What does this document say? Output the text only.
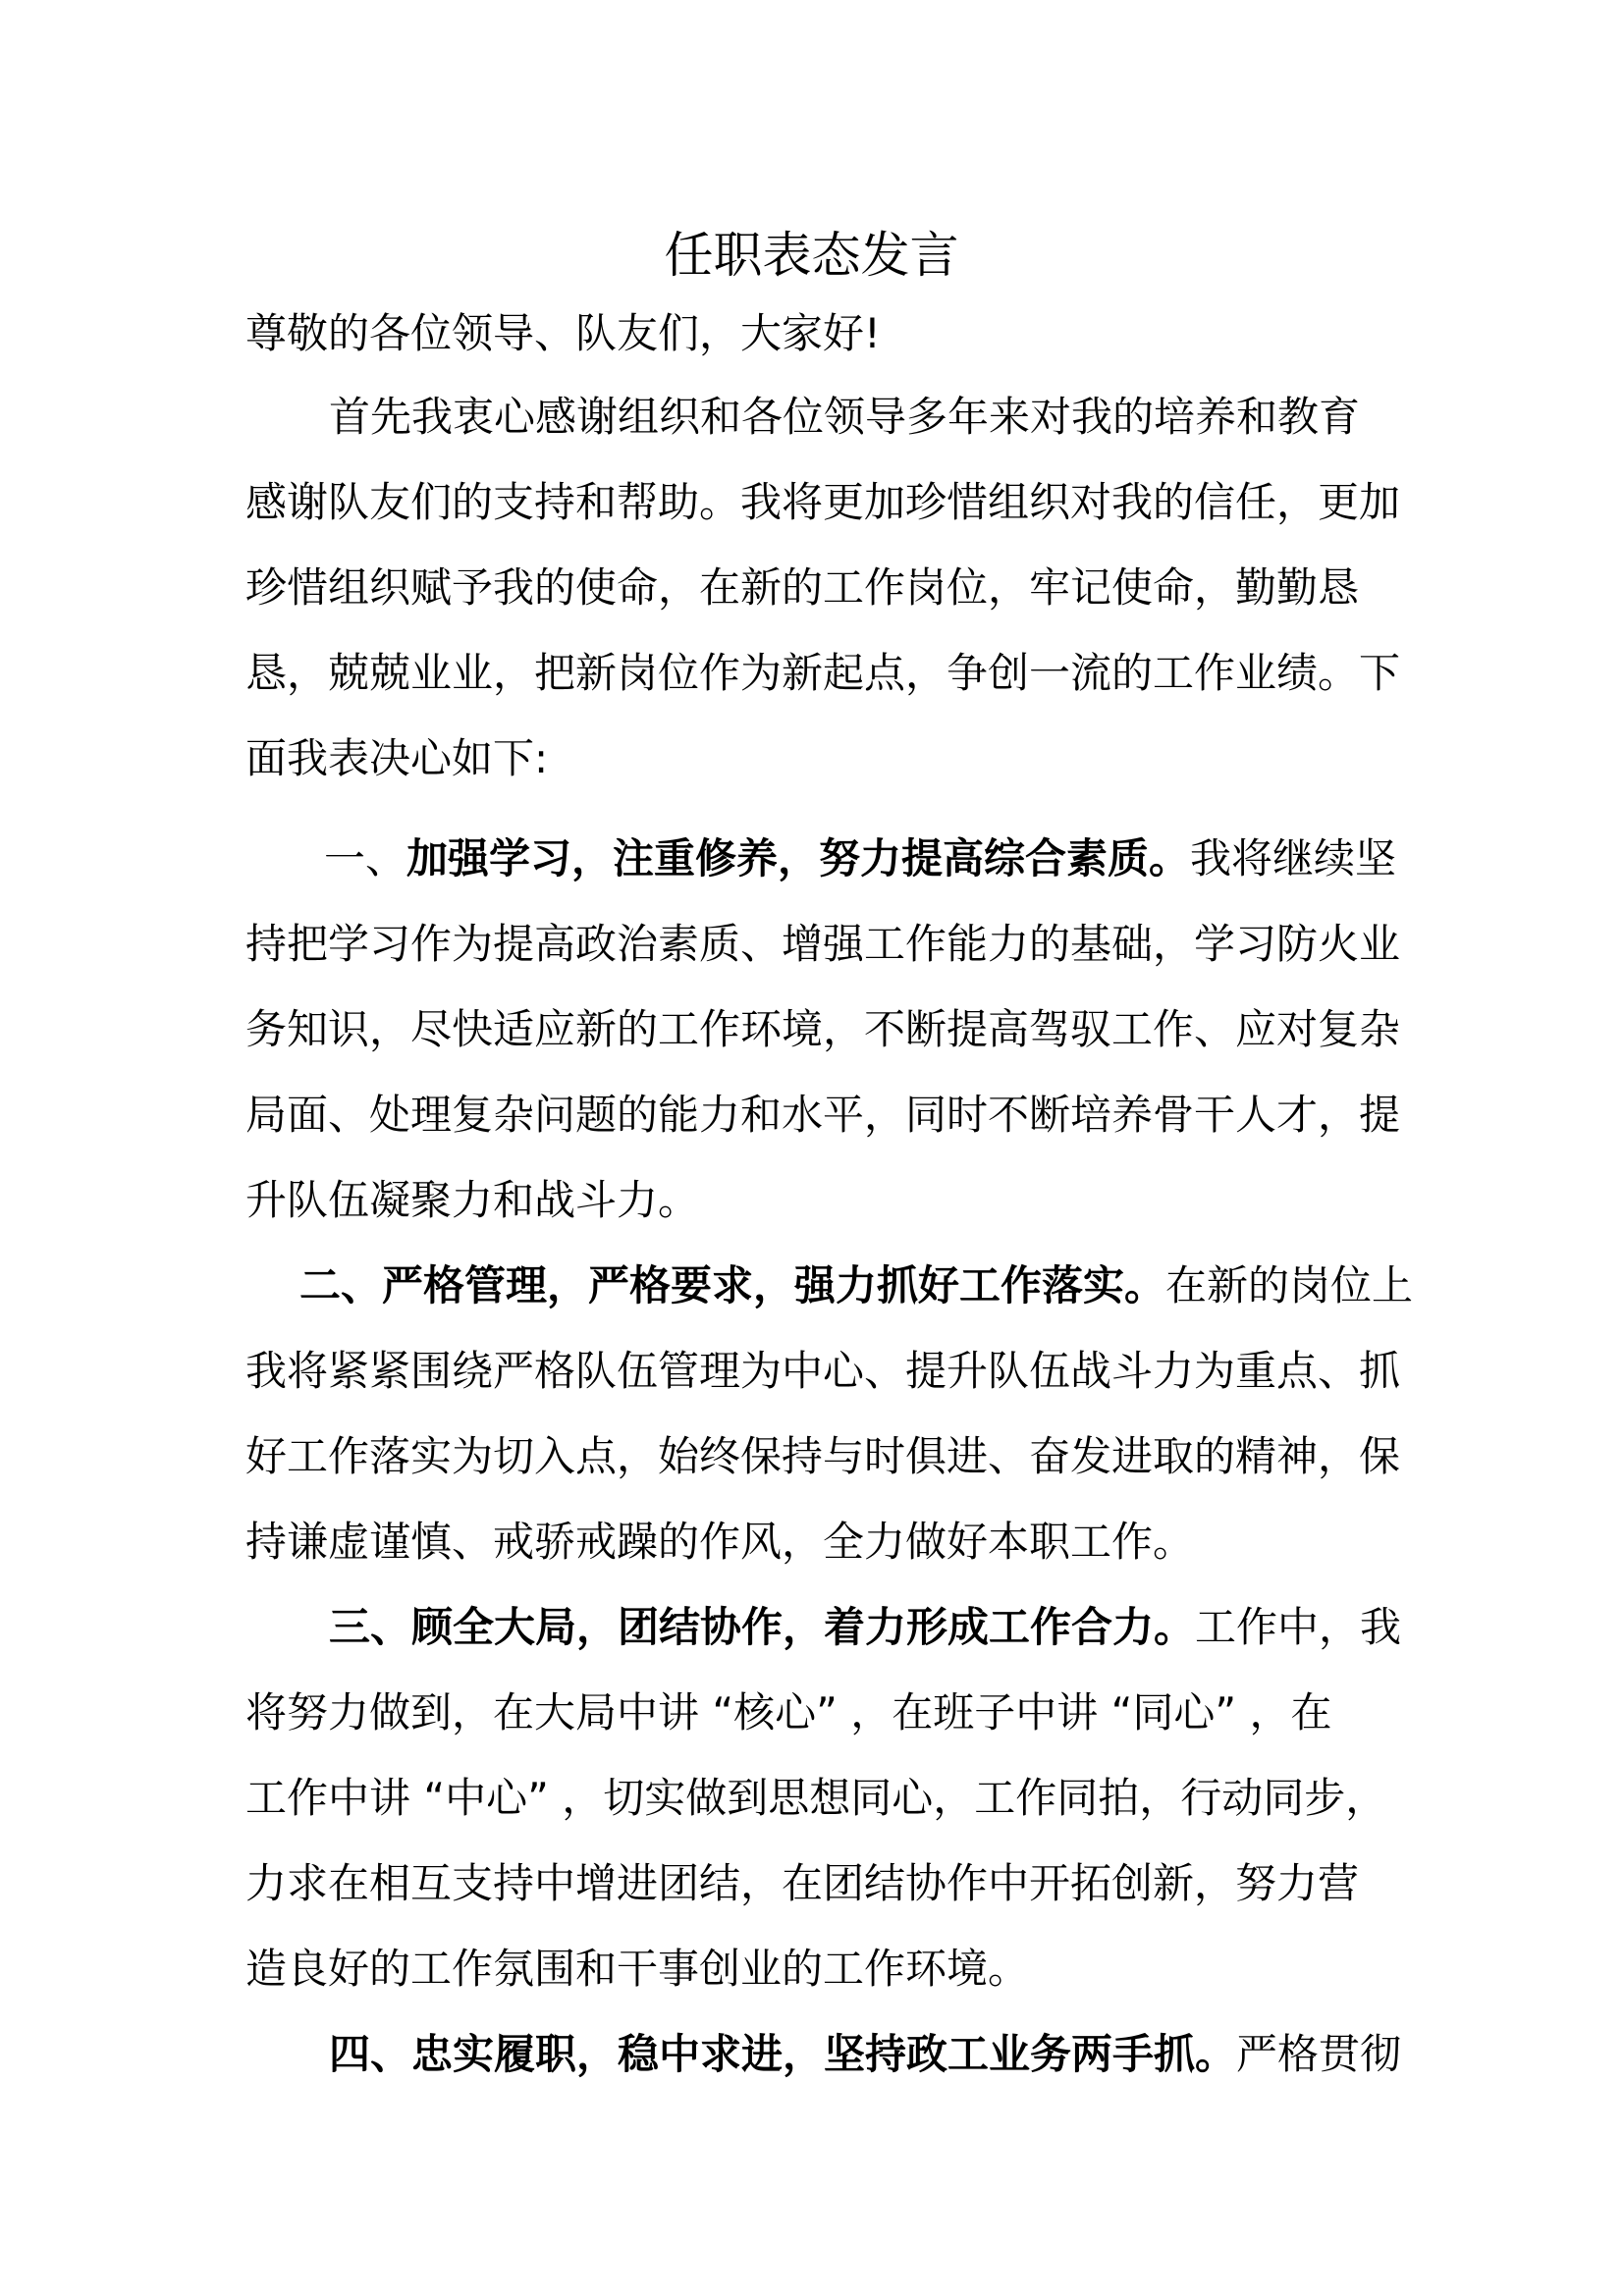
任职表态发言
尊敬的各位领导、队友们，大家好!
首先我衷心感谢组织和各位领导多年来对我的培养和教育
感谢队友们的支持和帮助。我将更加珍惜组织对我的信任，更加
珍惜组织赋予我的使命，在新的工作岗位，牢记使命，勤勤恳
恳，兢兢业业，把新岗位作为新起点，争创一流的工作业绩。下
面我表决心如下:
一、加强学习，注重修养，努力提高综合素质。我将继续坚
持把学习作为提高政治素质、增强工作能力的基础，学习防火业
务知识，尽快适应新的工作环境，不断提高驾驭工作、应对复杂
局面、处理复杂问题的能力和水平，同时不断培养骨干人才，提
升队伍凝聚力和战斗力。
二、严格管理，严格要求，强力抓好工作落实。在新的岗位上
我将紧紧围绕严格队伍管理为中心、提升队伍战斗力为重点、抓
好工作落实为切入点，始终保持与时俱进、奋发进取的精神，保
持谦虚谨慎、戒骄戒躁的作风，全力做好本职工作。
三、顾全大局，团结协作，着力形成工作合力。工作中，我
将努力做到，在大局中讲 “核心” ，在班子中讲 “同心” ，在
工作中讲 “中心” ，切实做到思想同心，工作同拍，行动同步，
力求在相互支持中增进团结，在团结协作中开拓创新，努力营
造良好的工作氛围和干事创业的工作环境。
四、忠实履职，稳中求进，坚持政工业务两手抓。严格贯彻
